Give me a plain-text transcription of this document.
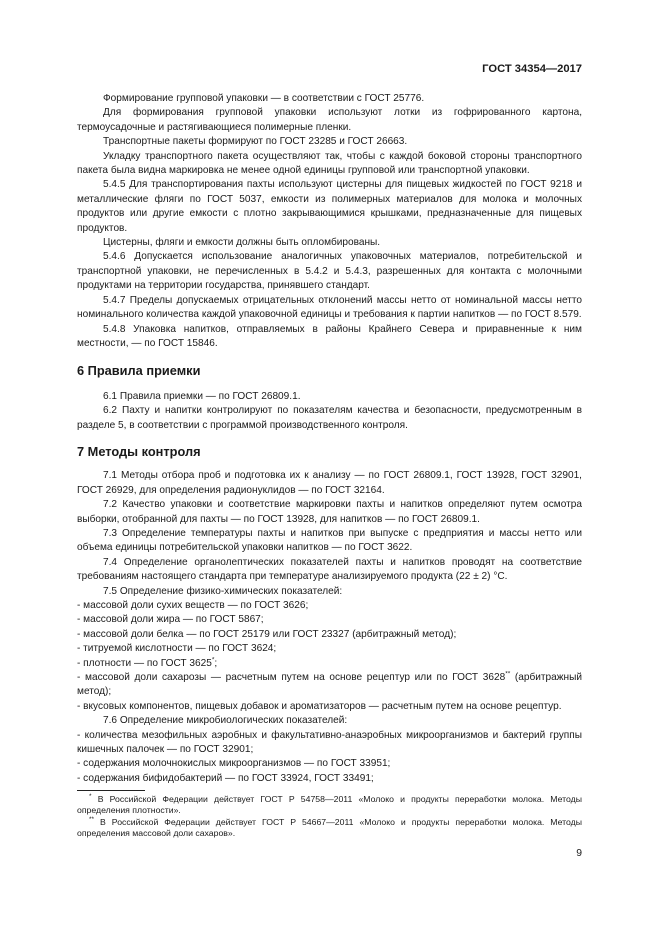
ГОСТ 34354—2017

Формирование групповой упаковки — в соответствии с ГОСТ 25776.

Для формирования групповой упаковки используют лотки из гофрированного картона, термоусадочные и растягивающиеся полимерные пленки.

Транспортные пакеты формируют по ГОСТ 23285 и ГОСТ 26663.

Укладку транспортного пакета осуществляют так, чтобы с каждой боковой стороны транспортного пакета была видна маркировка не менее одной единицы групповой или транспортной упаковки.

5.4.5 Для транспортирования пахты используют цистерны для пищевых жидкостей по ГОСТ 9218 и металлические фляги по ГОСТ 5037, емкости из полимерных материалов для молока и молочных продуктов или другие емкости с плотно закрывающимися крышками, предназначенные для пищевых продуктов.

Цистерны, фляги и емкости должны быть опломбированы.

5.4.6 Допускается использование аналогичных упаковочных материалов, потребительской и транспортной упаковки, не перечисленных в 5.4.2 и 5.4.3, разрешенных для контакта с молочными продуктами на территории государства, принявшего стандарт.

5.4.7 Пределы допускаемых отрицательных отклонений массы нетто от номинальной массы нетто номинального количества каждой упаковочной единицы и требования к партии напитков — по ГОСТ 8.579.

5.4.8 Упаковка напитков, отправляемых в районы Крайнего Севера и приравненные к ним местности, — по ГОСТ 15846.

6 Правила приемки

6.1 Правила приемки — по ГОСТ 26809.1.

6.2 Пахту и напитки контролируют по показателям качества и безопасности, предусмотренным в разделе 5, в соответствии с программой производственного контроля.

7 Методы контроля

7.1 Методы отбора проб и подготовка их к анализу — по ГОСТ 26809.1, ГОСТ 13928, ГОСТ 32901, ГОСТ 26929, для определения радионуклидов — по ГОСТ 32164.

7.2 Качество упаковки и соответствие маркировки пахты и напитков определяют путем осмотра выборки, отобранной для пахты — по ГОСТ 13928, для напитков — по ГОСТ 26809.1.

7.3 Определение температуры пахты и напитков при выпуске с предприятия и массы нетто или объема единицы потребительской упаковки напитков — по ГОСТ 3622.

7.4 Определение органолептических показателей пахты и напитков проводят на соответствие требованиям настоящего стандарта при температуре анализируемого продукта (22 ± 2) °С.

7.5 Определение физико-химических показателей:

- массовой доли сухих веществ — по ГОСТ 3626;

- массовой доли жира — по ГОСТ 5867;

- массовой доли белка — по ГОСТ 25179 или ГОСТ 23327 (арбитражный метод);

- титруемой кислотности — по ГОСТ 3624;

- плотности — по ГОСТ 3625*;

- массовой доли сахарозы — расчетным путем на основе рецептур или по ГОСТ 3628** (арбитражный метод);

- вкусовых компонентов, пищевых добавок и ароматизаторов — расчетным путем на основе рецептур.

7.6 Определение микробиологических показателей:

- количества мезофильных аэробных и факультативно-анаэробных микроорганизмов и бактерий группы кишечных палочек — по ГОСТ 32901;

- содержания молочнокислых микроорганизмов — по ГОСТ 33951;

- содержания бифидобактерий — по ГОСТ 33924, ГОСТ 33491;

* В Российской Федерации действует ГОСТ Р 54758—2011 «Молоко и продукты переработки молока. Методы определения плотности».

** В Российской Федерации действует ГОСТ Р 54667—2011 «Молоко и продукты переработки молока. Методы определения массовой доли сахаров».

9
